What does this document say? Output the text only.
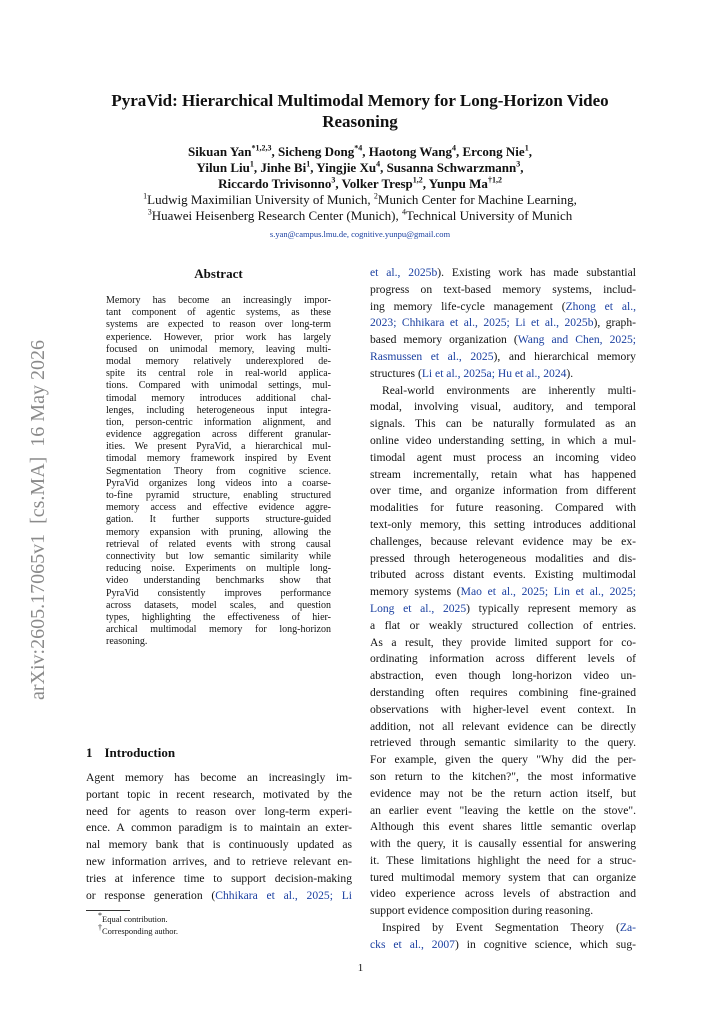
arXiv:2605.17065v1  [cs.MA]  16 May 2026
PyraVid: Hierarchical Multimodal Memory for Long-Horizon Video
Reasoning
Sikuan Yan$^{*1,2,3}$, Sicheng Dong$^{*4}$, Haotong Wang$^4$, Ercong Nie$^1$,
Yilun Liu$^1$, Jinhe Bi$^1$, Yingjie Xu$^4$, Susanna Schwarzmann$^3$,
Riccardo Trivisonno$^3$, Volker Tresp$^{1,2}$, Yunpu Ma$^{\dagger 1,2}$
$^1$Ludwig Maximilian University of Munich, $^2$Munich Center for Machine Learning,
$^3$Huawei Heisenberg Research Center (Munich), $^4$Technical University of Munich
s.yan@campus.lmu.de, cognitive.yunpu@gmail.com
Abstract
Memory has become an increasingly impor-
tant component of agentic systems, as these
systems are expected to reason over long-term
experience. However, prior work has largely
focused on unimodal memory, leaving multi-
modal memory relatively underexplored de-
spite its central role in real-world applica-
tions. Compared with unimodal settings, mul-
timodal memory introduces additional chal-
lenges, including heterogeneous input integra-
tion, person-centric information alignment, and
evidence aggregation across different granular-
ities. We present PyraVid, a hierarchical mul-
timodal memory framework inspired by Event
Segmentation Theory from cognitive science.
PyraVid organizes long videos into a coarse-
to-fine pyramid structure, enabling structured
memory access and effective evidence aggre-
gation. It further supports structure-guided
memory expansion with pruning, allowing the
retrieval of related events with strong causal
connectivity but low semantic similarity while
reducing noise. Experiments on multiple long-
video understanding benchmarks show that
PyraVid consistently improves performance
across datasets, model scales, and question
types, highlighting the effectiveness of hier-
archical multimodal memory for long-horizon
reasoning.
1 Introduction
Agent memory has become an increasingly im-
portant topic in recent research, motivated by the
need for agents to reason over long-term experi-
ence. A common paradigm is to maintain an exter-
nal memory bank that is continuously updated as
new information arrives, and to retrieve relevant en-
tries at inference time to support decision-making
or response generation (Chhikara et al., 2025; Li
et al., 2025b). Existing work has made substantial
progress on text-based memory systems, includ-
ing memory life-cycle management (Zhong et al.,
2023; Chhikara et al., 2025; Li et al., 2025b), graph-
based memory organization (Wang and Chen, 2025;
Rasmussen et al., 2025), and hierarchical memory
structures (Li et al., 2025a; Hu et al., 2024).
Real-world environments are inherently multi-
modal, involving visual, auditory, and temporal
signals. This can be naturally formulated as an
online video understanding setting, in which a mul-
timodal agent must process an incoming video
stream incrementally, retain what has happened
over time, and organize information from different
modalities for future reasoning. Compared with
text-only memory, this setting introduces additional
challenges, because relevant evidence may be ex-
pressed through heterogeneous modalities and dis-
tributed across distant events. Existing multimodal
memory systems (Mao et al., 2025; Lin et al., 2025;
Long et al., 2025) typically represent memory as
a flat or weakly structured collection of entries.
As a result, they provide limited support for co-
ordinating information across different levels of
abstraction, even though long-horizon video un-
derstanding often requires combining fine-grained
observations with higher-level event context. In
addition, not all relevant evidence can be directly
retrieved through semantic similarity to the query.
For example, given the query "Why did the per-
son return to the kitchen?", the most informative
evidence may not be the return action itself, but
an earlier event "leaving the kettle on the stove".
Although this event shares little semantic overlap
with the query, it is causally essential for answering
it. These limitations highlight the need for a struc-
tured multimodal memory system that can organize
video experience across levels of abstraction and
support evidence composition during reasoning.
Inspired by Event Segmentation Theory (Za-
cks et al., 2007) in cognitive science, which sug-
*Equal contribution.
†Corresponding author.
1
